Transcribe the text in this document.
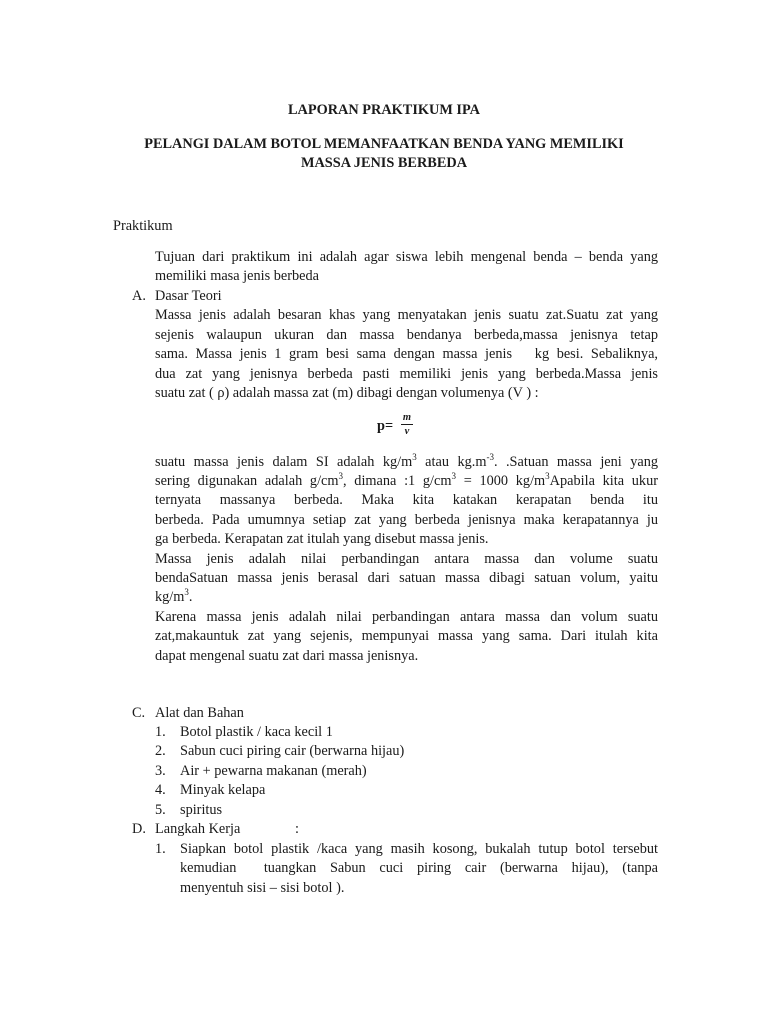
LAPORAN PRAKTIKUM IPA
PELANGI DALAM BOTOL MEMANFAATKAN BENDA YANG MEMILIKI
MASSA JENIS BERBEDA
Praktikum
Tujuan dari praktikum ini adalah agar siswa lebih mengenal benda – benda yang
memiliki masa jenis berbeda
A. Dasar Teori
Massa jenis adalah besaran khas yang menyatakan jenis suatu zat.Suatu zat yang
sejenis walaupun ukuran dan massa bendanya berbeda,massa jenisnya tetap
sama. Massa jenis 1 gram besi sama dengan massa jenis   kg besi. Sebaliknya,
dua zat yang jenisnya berbeda pasti memiliki jenis yang berbeda.Massa jenis
suatu zat ( ρ) adalah massa zat (m) dibagi dengan volumenya (V ) :
p=
m
v
suatu massa jenis dalam SI adalah $kg/m^3$ atau $kg.m^{-3}$. .Satuan massa jeni yang
sering digunakan adalah $g/cm^3$, dimana :1 $g/cm^3 = 1000$ $kg/m^3Apabila$ kita ukur
ternyata massanya berbeda. Maka kita katakan kerapatan benda itu
berbeda. Pada umumnya setiap zat yang berbeda jenisnya maka kerapatannya ju
ga berbeda. Kerapatan zat itulah yang disebut massa jenis.
Massa jenis adalah nilai perbandingan antara massa dan volume suatu
bendaSatuan massa jenis berasal dari satuan massa dibagi satuan volum, yaitu
$kg/m^3$.
Karena massa jenis adalah nilai perbandingan antara massa dan volum suatu
zat,makauntuk zat yang sejenis, mempunyai massa yang sama. Dari itulah kita
dapat mengenal suatu zat dari massa jenisnya.
C. Alat dan Bahan
1. Botol plastik / kaca kecil 1
2. Sabun cuci piring cair (berwarna hijau)
3. Air + pewarna makanan (merah)
4. Minyak kelapa
5. spiritus
D. Langkah Kerja	:
1. Siapkan botol plastik /kaca yang masih kosong, bukalah tutup botol tersebut
kemudian  tuangkan Sabun cuci piring cair (berwarna hijau), (tanpa
menyentuh sisi – sisi botol ).
